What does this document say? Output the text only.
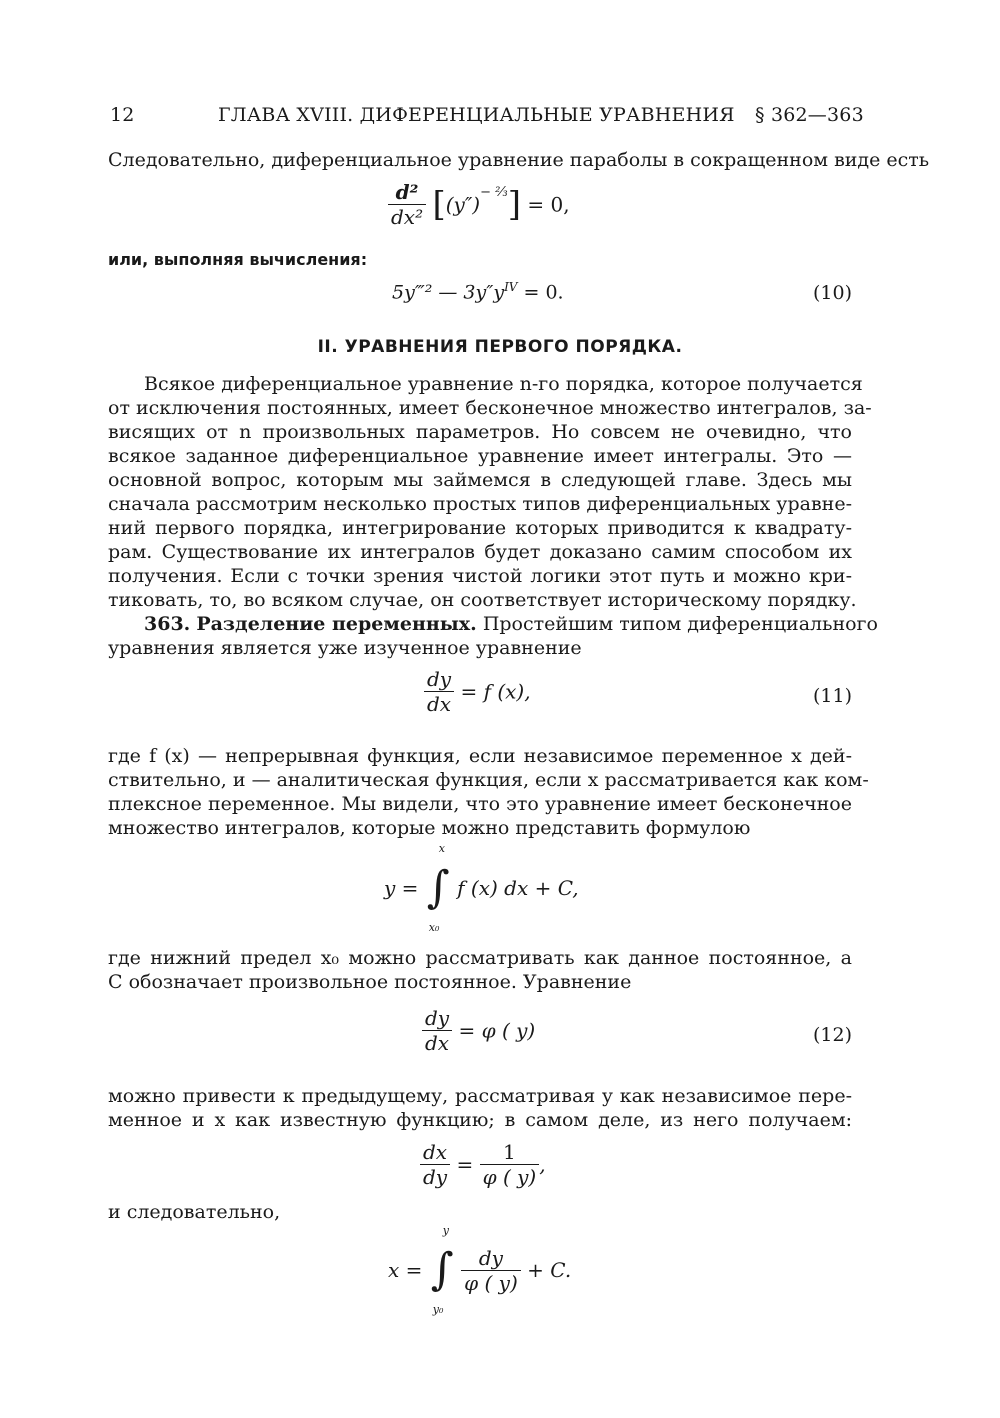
12	ГЛАВА XVIII. ДИФЕРЕНЦИАЛЬНЫЕ УРАВНЕНИЯ § 362—363
Следовательно, диференциальное уравнение параболы в сокращенном виде есть
$\frac{\text{d²}}{\text{dx²}} [(y'')^{- ^2⁄_3}] = 0$,
или, выполняя вычисления:
5y‴² — $3y''y^{IV} = 0$.	(10)
II. УРАВНЕНИЯ ПЕРВОГО ПОРЯДКА.
Всякое диференциальное уравнение n-го порядка, которое получается
от исключения постоянных, имеет бесконечное множество интегралов, за-
висящих от n произвольных параметров. Но совсем не очевидно, что
всякое заданное диференциальное уравнение имеет интегралы. Это —
основной вопрос, которым мы займемся в следующей главе. Здесь мы
сначала рассмотрим несколько простых типов диференциальных уравне-
ний первого порядка, интегрирование которых приводится к квадрату-
рам. Существование их интегралов будет доказано самим способом их
получения. Если с точки зрения чистой логики этот путь и можно кри-
тиковать, то, во всяком случае, он соответствует историческому порядку.
363. Разделение переменных. Простейшим типом диференциального
уравнения является уже изученное уравнение
$\frac{dy}{dx} = f$ (x),	(11)
где f (x) — непрерывная функция, если независимое переменное x дей-
ствительно, и — аналитическая функция, если x рассматривается как ком-
плексное переменное. Мы видели, что это уравнение имеет бесконечное
множество интегралов, которые можно представить формулою
y = ∫
x
x₀
f (x) dx + C,
где нижний предел x₀ можно рассматривать как данное постоянное, а
C обозначает произвольное постоянное. Уравнение
$\frac{dy}{dx} = \varphi$ ( y)	(12)
можно привести к предыдущему, рассматривая y как независимое пере-
менное и x как известную функцию; в самом деле, из него получаем:
$\frac{dx}{dy} = \frac{1}{\varphi ( y)}$ ,
и следовательно,
x = ∫
y
y₀

$\frac{dy}{\varphi ( y)} + C$.
